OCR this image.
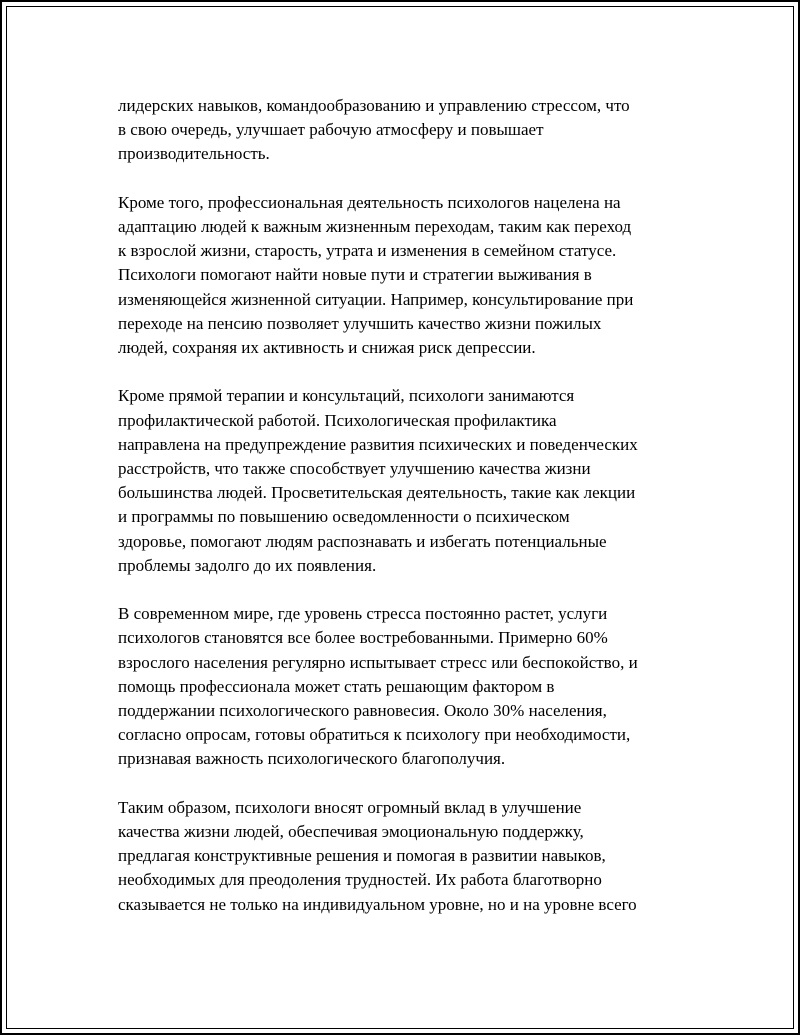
лидерских навыков, командообразованию и управлению стрессом, что
в свою очередь, улучшает рабочую атмосферу и повышает
производительность.

Кроме того, профессиональная деятельность психологов нацелена на
адаптацию людей к важным жизненным переходам, таким как переход
к взрослой жизни, старость, утрата и изменения в семейном статусе.
Психологи помогают найти новые пути и стратегии выживания в
изменяющейся жизненной ситуации. Например, консультирование при
переходе на пенсию позволяет улучшить качество жизни пожилых
людей, сохраняя их активность и снижая риск депрессии.

Кроме прямой терапии и консультаций, психологи занимаются
профилактической работой. Психологическая профилактика
направлена на предупреждение развития психических и поведенческих
расстройств, что также способствует улучшению качества жизни
большинства людей. Просветительская деятельность, такие как лекции
и программы по повышению осведомленности о психическом
здоровье, помогают людям распознавать и избегать потенциальные
проблемы задолго до их появления.

В современном мире, где уровень стресса постоянно растет, услуги
психологов становятся все более востребованными. Примерно 60%
взрослого населения регулярно испытывает стресс или беспокойство, и
помощь профессионала может стать решающим фактором в
поддержании психологического равновесия. Около 30% населения,
согласно опросам, готовы обратиться к психологу при необходимости,
признавая важность психологического благополучия.

Таким образом, психологи вносят огромный вклад в улучшение
качества жизни людей, обеспечивая эмоциональную поддержку,
предлагая конструктивные решения и помогая в развитии навыков,
необходимых для преодоления трудностей. Их работа благотворно
сказывается не только на индивидуальном уровне, но и на уровне всего
